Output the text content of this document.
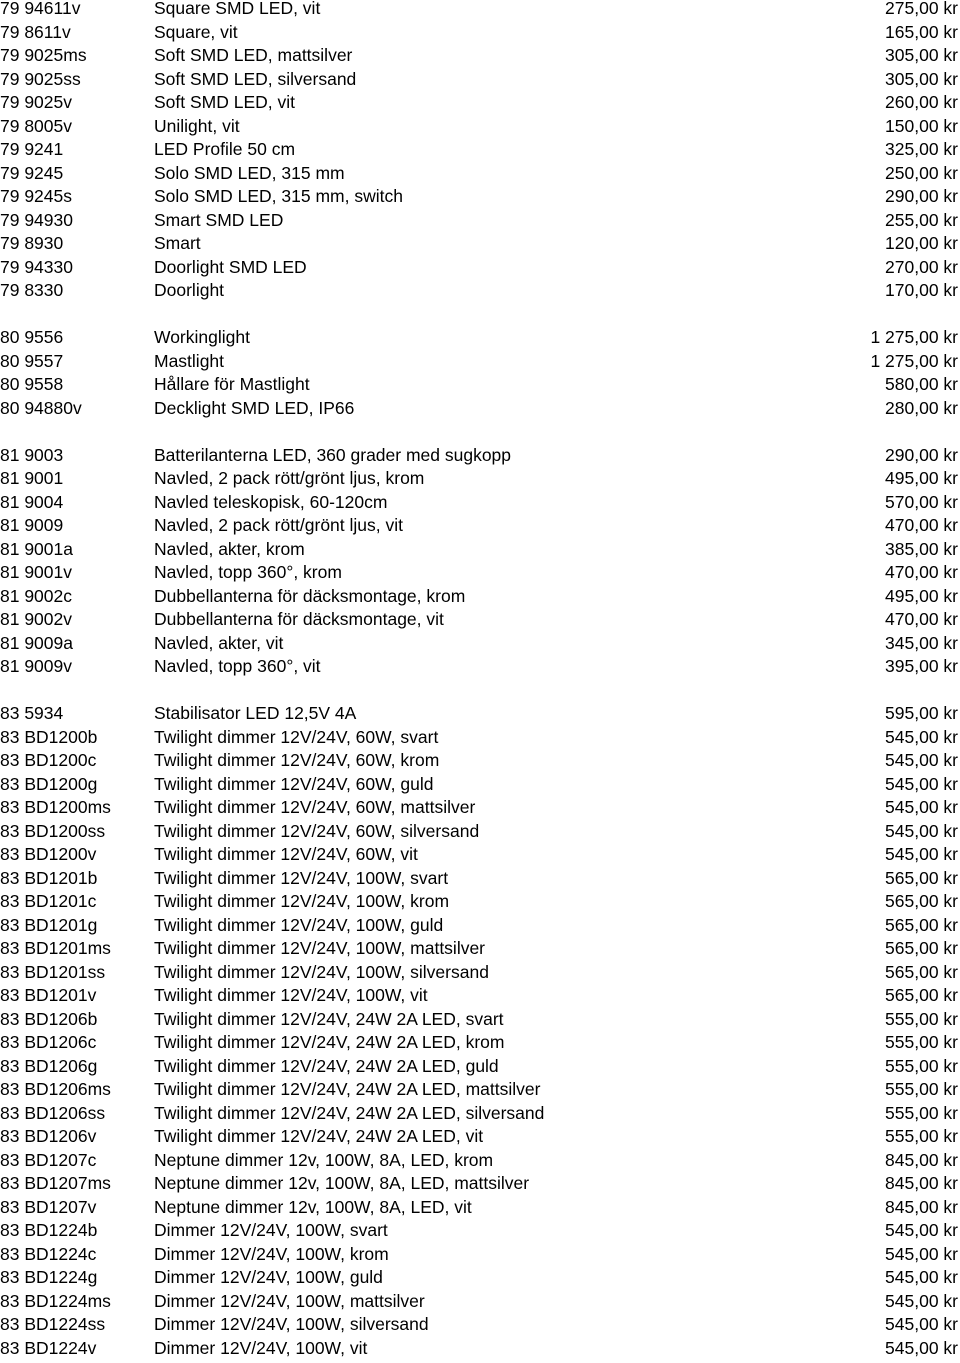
79 94611v	Square SMD LED, vit	275,00 kr
79 8611v	Square, vit	165,00 kr
79 9025ms	Soft SMD LED, mattsilver	305,00 kr
79 9025ss	Soft SMD LED, silversand	305,00 kr
79 9025v	Soft SMD LED, vit	260,00 kr
79 8005v	Unilight, vit	150,00 kr
79 9241	LED Profile 50 cm	325,00 kr
79 9245	Solo SMD LED, 315 mm	250,00 kr
79 9245s	Solo SMD LED, 315 mm, switch	290,00 kr
79 94930	Smart SMD LED	255,00 kr
79 8930	Smart	120,00 kr
79 94330	Doorlight SMD LED	270,00 kr
79 8330	Doorlight	170,00 kr
80 9556	Workinglight	1 275,00 kr
80 9557	Mastlight	1 275,00 kr
80 9558	Hållare för Mastlight	580,00 kr
80 94880v	Decklight SMD LED, IP66	280,00 kr
81 9003	Batterilanterna LED, 360 grader med sugkopp	290,00 kr
81 9001	Navled, 2 pack rött/grönt ljus, krom	495,00 kr
81 9004	Navled teleskopisk, 60-120cm	570,00 kr
81 9009	Navled, 2 pack rött/grönt ljus, vit	470,00 kr
81 9001a	Navled, akter, krom	385,00 kr
81 9001v	Navled, topp 360°, krom	470,00 kr
81 9002c	Dubbellanterna för däcksmontage, krom	495,00 kr
81 9002v	Dubbellanterna för däcksmontage, vit	470,00 kr
81 9009a	Navled, akter, vit	345,00 kr
81 9009v	Navled, topp 360°, vit	395,00 kr
83 5934	Stabilisator LED 12,5V 4A	595,00 kr
83 BD1200b	Twilight dimmer 12V/24V, 60W, svart	545,00 kr
83 BD1200c	Twilight dimmer 12V/24V, 60W, krom	545,00 kr
83 BD1200g	Twilight dimmer 12V/24V, 60W, guld	545,00 kr
83 BD1200ms Twilight dimmer 12V/24V, 60W, mattsilver	545,00 kr
83 BD1200ss	Twilight dimmer 12V/24V, 60W, silversand	545,00 kr
83 BD1200v	Twilight dimmer 12V/24V, 60W, vit	545,00 kr
83 BD1201b	Twilight dimmer 12V/24V, 100W, svart	565,00 kr
83 BD1201c	Twilight dimmer 12V/24V, 100W, krom	565,00 kr
83 BD1201g	Twilight dimmer 12V/24V, 100W, guld	565,00 kr
83 BD1201ms Twilight dimmer 12V/24V, 100W, mattsilver	565,00 kr
83 BD1201ss	Twilight dimmer 12V/24V, 100W, silversand	565,00 kr
83 BD1201v	Twilight dimmer 12V/24V, 100W, vit	565,00 kr
83 BD1206b	Twilight dimmer 12V/24V, 24W 2A LED, svart	555,00 kr
83 BD1206c	Twilight dimmer 12V/24V, 24W 2A LED, krom	555,00 kr
83 BD1206g	Twilight dimmer 12V/24V, 24W 2A LED, guld	555,00 kr
83 BD1206ms Twilight dimmer 12V/24V, 24W 2A LED, mattsilver	555,00 kr
83 BD1206ss	Twilight dimmer 12V/24V, 24W 2A LED, silversand	555,00 kr
83 BD1206v	Twilight dimmer 12V/24V, 24W 2A LED, vit	555,00 kr
83 BD1207c	Neptune dimmer 12v, 100W, 8A, LED, krom	845,00 kr
83 BD1207ms Neptune dimmer 12v, 100W, 8A, LED, mattsilver	845,00 kr
83 BD1207v	Neptune dimmer 12v, 100W, 8A, LED, vit	845,00 kr
83 BD1224b	Dimmer 12V/24V, 100W, svart	545,00 kr
83 BD1224c	Dimmer 12V/24V, 100W, krom	545,00 kr
83 BD1224g	Dimmer 12V/24V, 100W, guld	545,00 kr
83 BD1224ms Dimmer 12V/24V, 100W, mattsilver	545,00 kr
83 BD1224ss	Dimmer 12V/24V, 100W, silversand	545,00 kr
83 BD1224v	Dimmer 12V/24V, 100W, vit	545,00 kr
